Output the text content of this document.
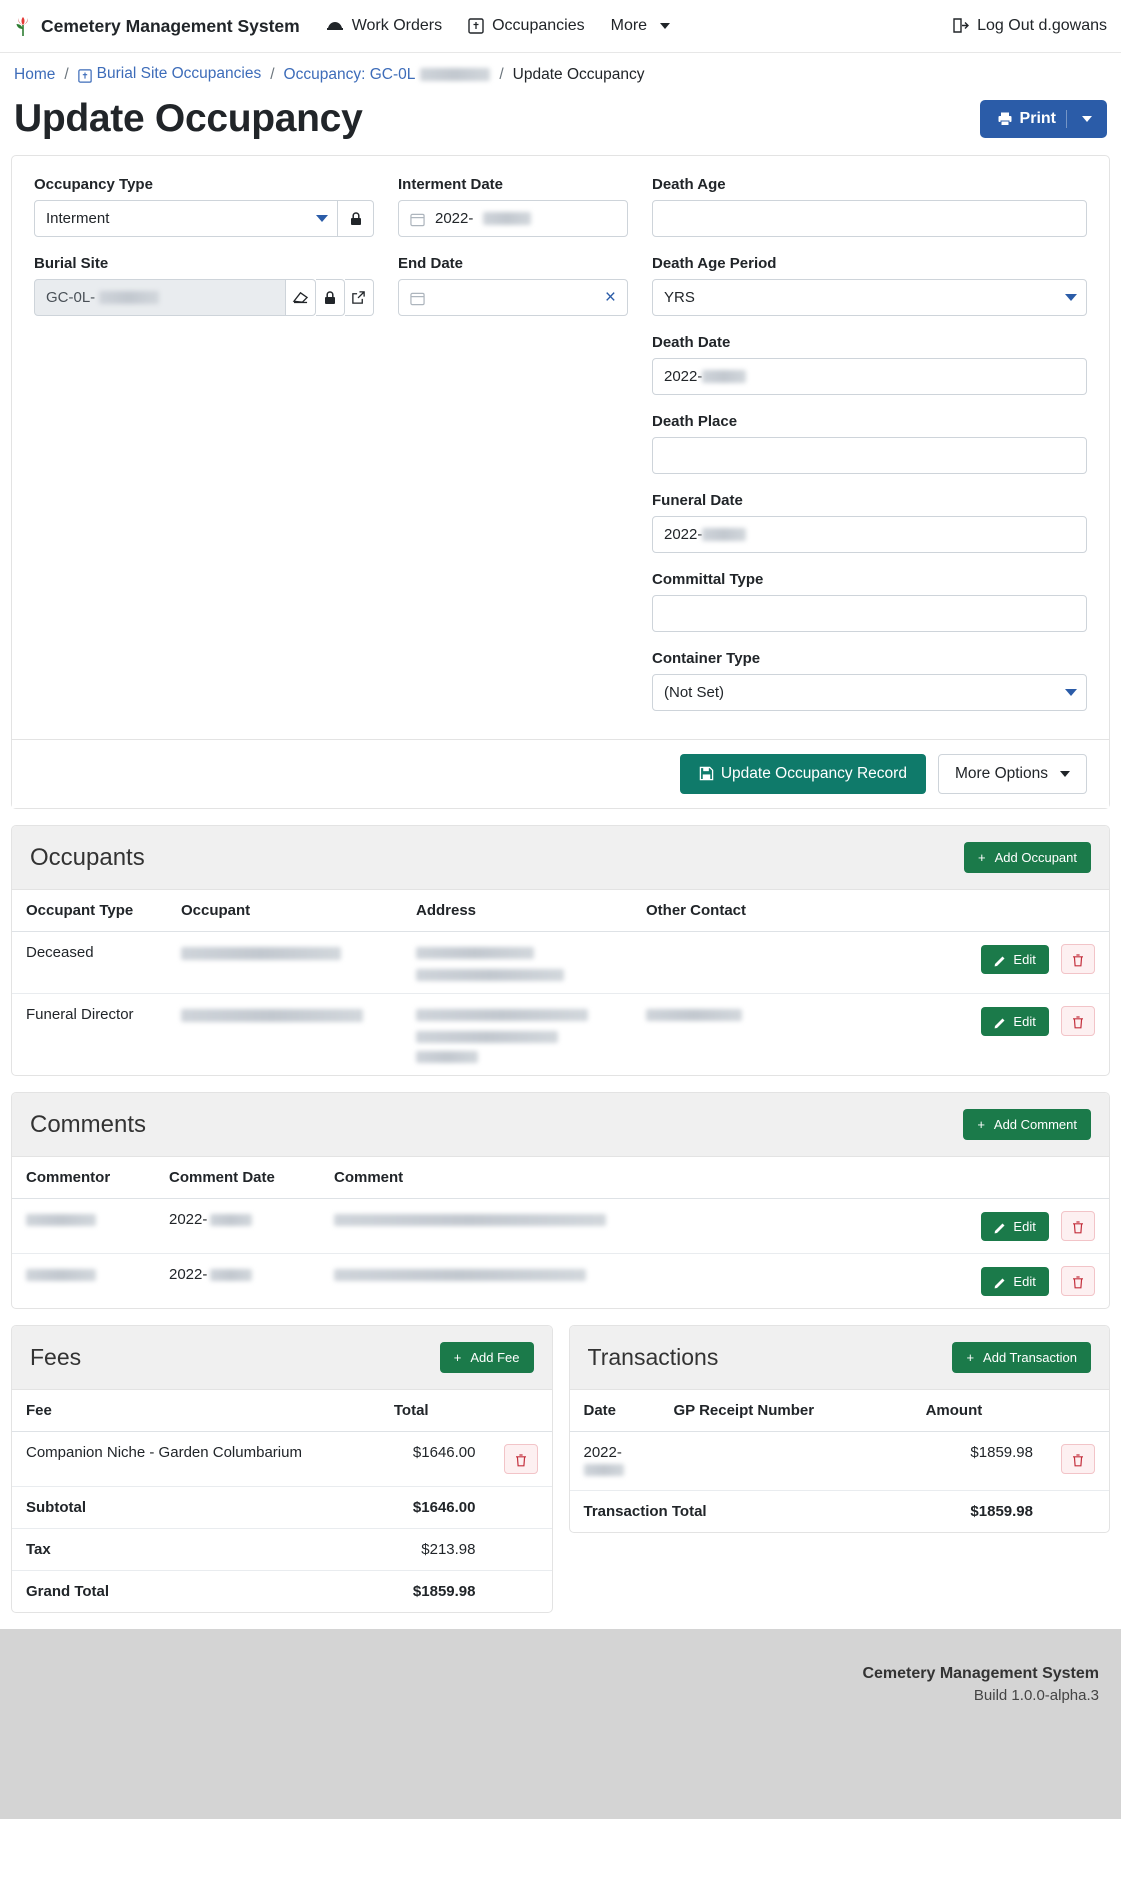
Cemetery Management System	Work Orders	Occupancies More	Log Out d.gowans
Home /	Burial Site Occupancies / Occupancy: GC-0L	/ Update Occupancy
Update Occupancy	Print
Occupancy Type
Interment
Burial Site
GC-0L-
Interment Date
2022-
End Date
×
Death Age
Death Age Period
YRS
Death Date
2022-
Death Place
Funeral Date
2022-
Committal Type
Container Type
(Not Set)
Update Occupancy Record	More Options
Occupants	+ Add Occupant
Occupant Type	Occupant	Address	Other Contact	
Deceased				Edit

Funeral Director				Edit

Comments	+ Add Comment
Commentor	Comment Date	Comment	
	2022-		Edit

	2022-		Edit

Fees	+ Add Fee
Fee	Total	
Companion Niche - Garden Columbarium	$1646.00	

Subtotal	$1646.00	
Tax	$213.98	
Grand Total	$1859.98	
Transactions	+ Add Transaction
Date	GP Receipt Number	Amount	
2022-		$1859.98	

Transaction Total		$1859.98	
Cemetery Management System
Build 1.0.0-alpha.3
